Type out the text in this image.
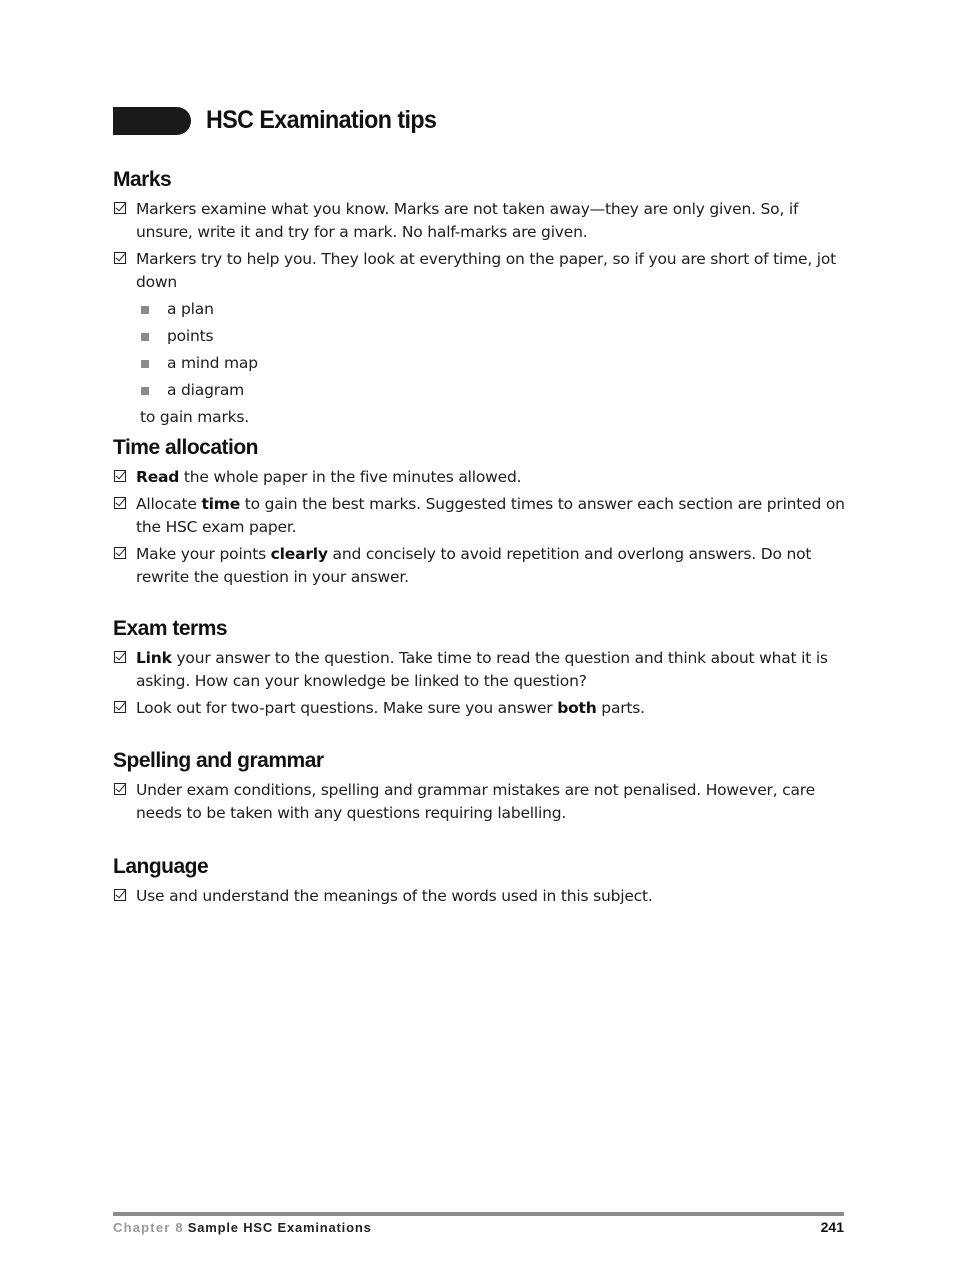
HSC Examination tips
Marks
Markers examine what you know. Marks are not taken away—they are only given. So, if unsure, write it and try for a mark. No half-marks are given.
Markers try to help you. They look at everything on the paper, so if you are short of time, jot down
a plan
points
a mind map
a diagram
to gain marks.
Time allocation
Read the whole paper in the five minutes allowed.
Allocate time to gain the best marks. Suggested times to answer each section are printed on the HSC exam paper.
Make your points clearly and concisely to avoid repetition and overlong answers. Do not rewrite the question in your answer.
Exam terms
Link your answer to the question. Take time to read the question and think about what it is asking. How can your knowledge be linked to the question?
Look out for two-part questions. Make sure you answer both parts.
Spelling and grammar
Under exam conditions, spelling and grammar mistakes are not penalised. However, care needs to be taken with any questions requiring labelling.
Language
Use and understand the meanings of the words used in this subject.
Chapter 8 Sample HSC Examinations	241
